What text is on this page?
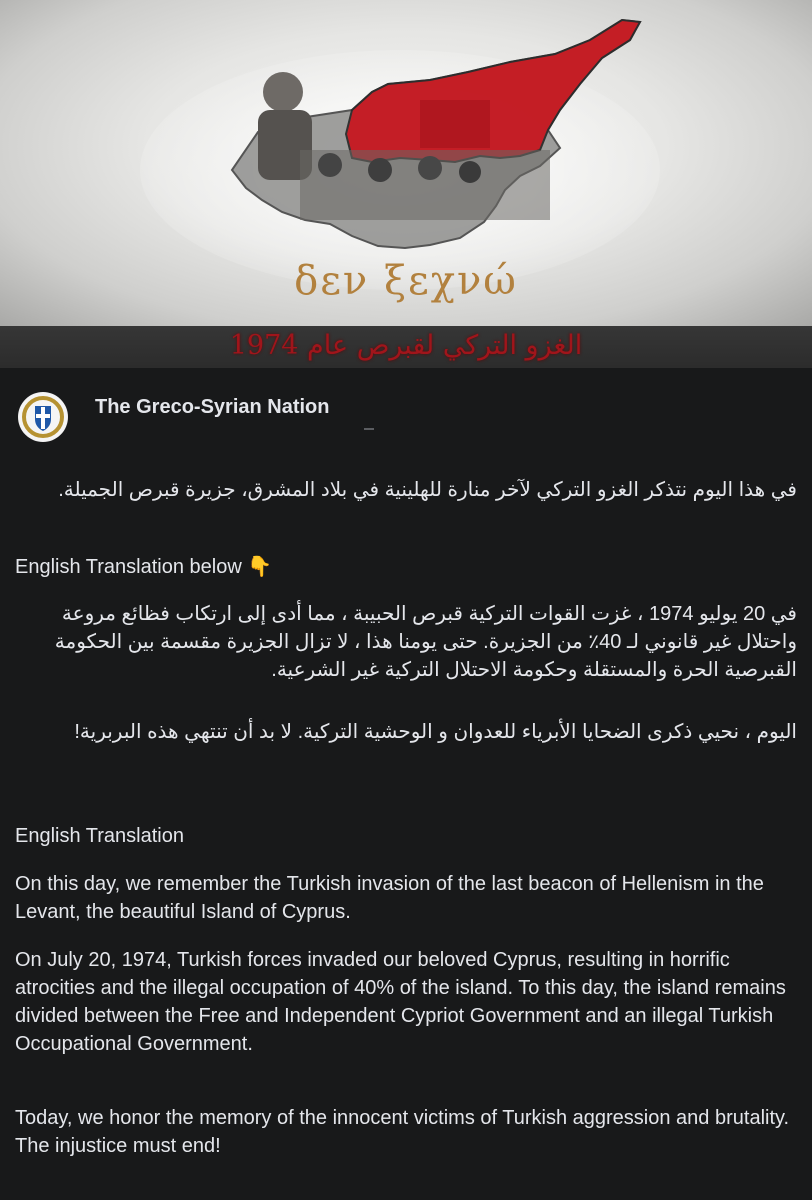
δεν ξεχνώ
الغزو التركي لقبرص عام 1974
The Greco-Syrian Nation

في هذا اليوم نتذكر الغزو التركي لآخر منارة للهلينية في بلاد المشرق، جزيرة قبرص الجميلة.

English Translation below 👇

في 20 يوليو 1974 ، غزت القوات التركية قبرص الحبيبة ، مما أدى إلى ارتكاب فظائع مروعة واحتلال غير قانوني لـ 40٪ من الجزيرة. حتى يومنا هذا ، لا تزال الجزيرة مقسمة بين الحكومة القبرصية الحرة والمستقلة وحكومة الاحتلال التركية غير الشرعية.

اليوم ، نحيي ذكرى الضحايا الأبرياء للعدوان و الوحشية التركية. لا بد أن تنتهي هذه البربرية!

English Translation

On this day, we remember the Turkish invasion of the last beacon of Hellenism in the Levant, the beautiful Island of Cyprus.

On July 20, 1974, Turkish forces invaded our beloved Cyprus, resulting in horrific atrocities and the illegal occupation of 40% of the island. To this day, the island remains divided between the Free and Independent Cypriot Government and an illegal Turkish Occupational Government.

Today, we honor the memory of the innocent victims of Turkish aggression and brutality. The injustice must end!
